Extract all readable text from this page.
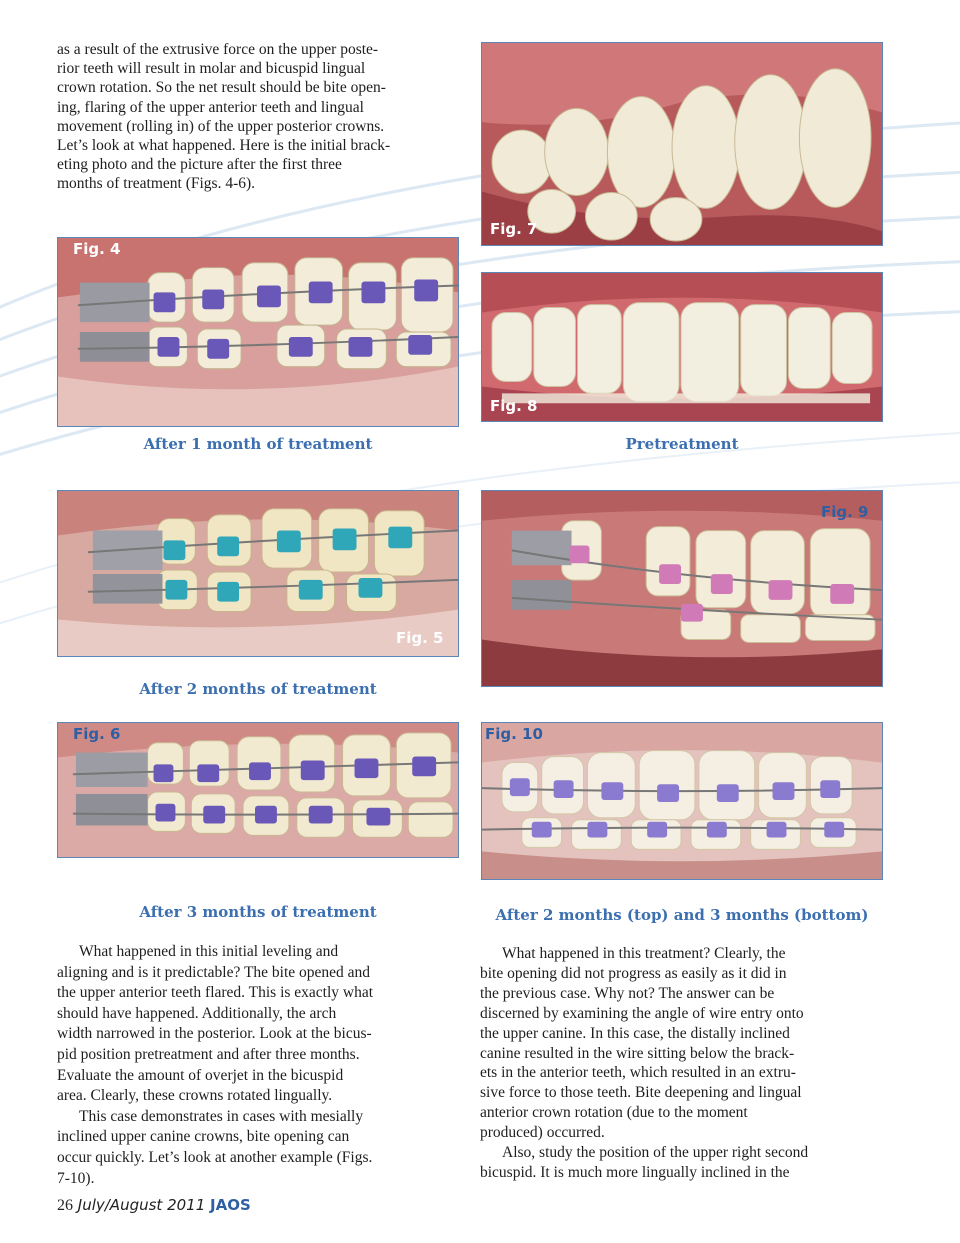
as a result of the extrusive force on the upper poste-

rior teeth will result in molar and bicuspid lingual

crown rotation. So the net result should be bite open-

ing, flaring of the upper anterior teeth and lingual

movement (rolling in) of the upper posterior crowns.

Let’s look at what happened. Here is the initial brack-

eting photo and the picture after the first three

months of treatment (Figs. 4-6).

Fig. 7
Fig. 4
Fig. 8
After 1 month of treatment	Pretreatment
Fig. 5
Fig. 9
After 2 months of treatment
Fig. 6	Fig. 10
After 3 months of treatment	After 2 months (top) and 3 months (bottom)

What happened in this initial leveling and

aligning and is it predictable? The bite opened and

the upper anterior teeth flared. This is exactly what

should have happened. Additionally, the arch

width narrowed in the posterior. Look at the bicus-

pid position pretreatment and after three months.

Evaluate the amount of overjet in the bicuspid

area. Clearly, these crowns rotated lingually.

This case demonstrates in cases with mesially

inclined upper canine crowns, bite opening can

occur quickly. Let’s look at another example (Figs.

7-10).

What happened in this treatment? Clearly, the

bite opening did not progress as easily as it did in

the previous case. Why not? The answer can be

discerned by examining the angle of wire entry onto

the upper canine. In this case, the distally inclined

canine resulted in the wire sitting below the brack-

ets in the anterior teeth, which resulted in an extru-

sive force to those teeth. Bite deepening and lingual

anterior crown rotation (due to the moment

produced) occurred.

Also, study the position of the upper right second

bicuspid. It is much more lingually inclined in the

26 July/August 2011 JAOS
